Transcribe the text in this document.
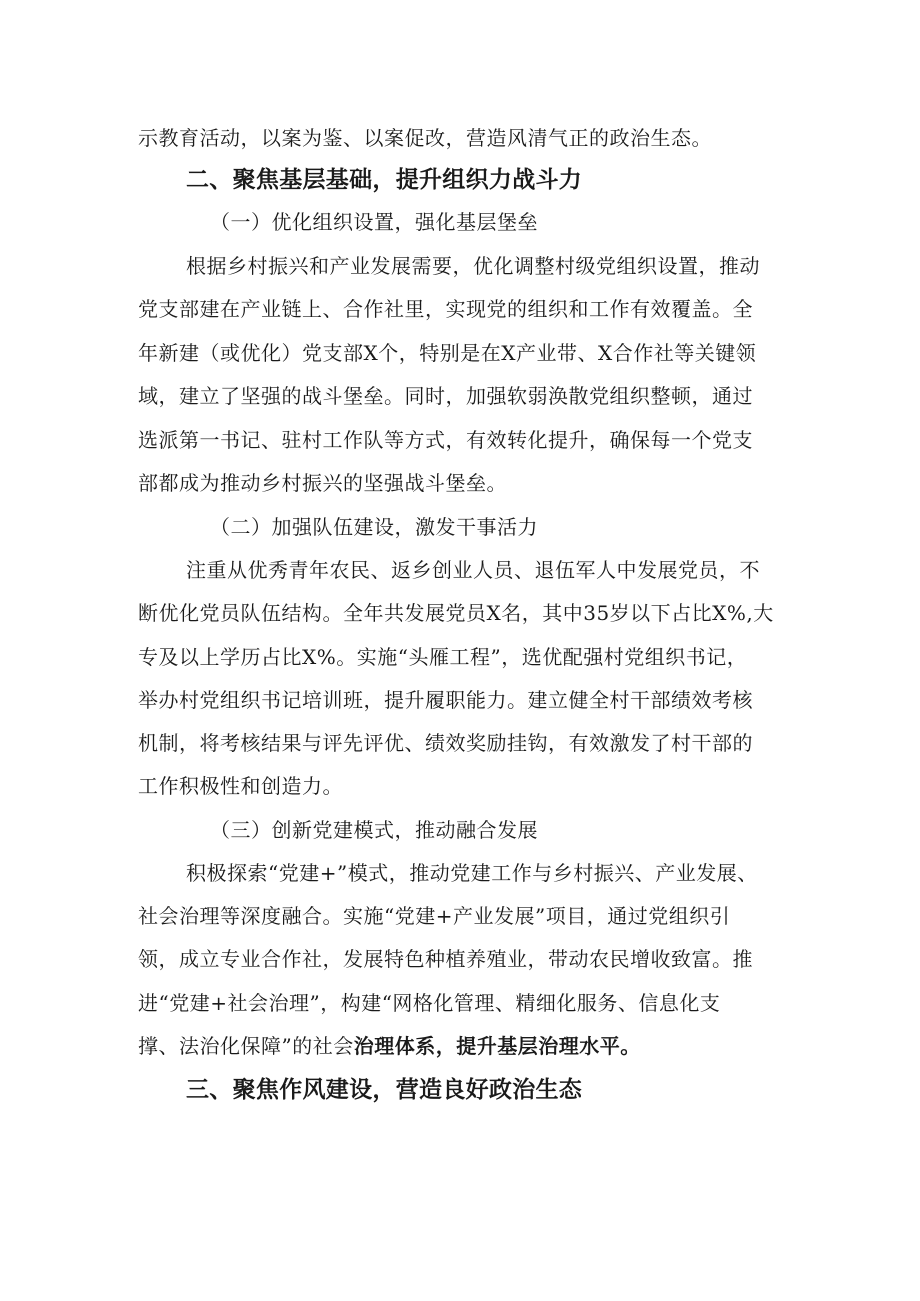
示教育活动，以案为鉴、以案促改，营造风清气正的政治生态。
二、聚焦基层基础，提升组织力战斗力
（一）优化组织设置，强化基层堡垒
根据乡村振兴和产业发展需要，优化调整村级党组织设置，推动
党支部建在产业链上、合作社里，实现党的组织和工作有效覆盖。全
年新建（或优化）党支部X个，特别是在X产业带、X合作社等关键领
域，建立了坚强的战斗堡垒。同时，加强软弱涣散党组织整顿，通过
选派第一书记、驻村工作队等方式，有效转化提升，确保每一个党支
部都成为推动乡村振兴的坚强战斗堡垒。
（二）加强队伍建设，激发干事活力
注重从优秀青年农民、返乡创业人员、退伍军人中发展党员，不
断优化党员队伍结构。全年共发展党员X名，其中35岁以下占比X%,大
专及以上学历占比X%。实施“头雁工程”，选优配强村党组织书记，
举办村党组织书记培训班，提升履职能力。建立健全村干部绩效考核
机制，将考核结果与评先评优、绩效奖励挂钩，有效激发了村干部的
工作积极性和创造力。
（三）创新党建模式，推动融合发展
积极探索“党建+”模式，推动党建工作与乡村振兴、产业发展、
社会治理等深度融合。实施“党建+产业发展”项目，通过党组织引
领，成立专业合作社，发展特色种植养殖业，带动农民增收致富。推
进“党建+社会治理”，构建“网格化管理、精细化服务、信息化支
撑、法治化保障”的社会治理体系，提升基层治理水平。
三、聚焦作风建设，营造良好政治生态
